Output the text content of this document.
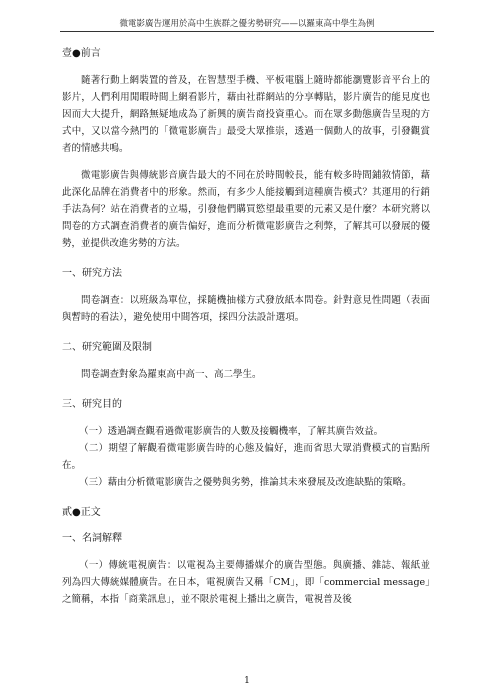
微電影廣告運用於高中生族群之優劣勢研究——以羅東高中學生為例
壹●前言

隨著行動上網裝置的普及，在智慧型手機、平板電腦上隨時都能瀏覽影音平台上的影片，人們利用閒暇時間上網看影片，藉由社群網站的分享轉貼，影片廣告的能見度也因而大大提升，網路無疑地成為了新興的廣告商投資重心。而在眾多動態廣告呈現的方式中，又以當今熱門的「微電影廣告」最受大眾推崇，透過一個動人的故事，引發觀賞者的情感共鳴。

微電影廣告與傳統影音廣告最大的不同在於時間較長，能有較多時間鋪敘情節，藉此深化品牌在消費者中的形象。然而，有多少人能接觸到這種廣告模式？其運用的行銷手法為何？站在消費者的立場，引發他們購買慾望最重要的元素又是什麼？本研究將以問卷的方式調查消費者的廣告偏好，進而分析微電影廣告之利弊，了解其可以發展的優勢，並提供改進劣勢的方法。

一、研究方法

問卷調查：以班級為單位，採隨機抽樣方式發放紙本問卷。針對意見性問題（表面與暫時的看法），避免使用中間答項，採四分法設計選項。

二、研究範圍及限制

問卷調查對象為羅東高中高一、高二學生。

三、研究目的

（一）透過調查觀看過微電影廣告的人數及接觸機率，了解其廣告效益。

（二）期望了解觀看微電影廣告時的心態及偏好，進而省思大眾消費模式的盲點所在。

（三）藉由分析微電影廣告之優勢與劣勢，推論其未來發展及改進缺點的策略。

貳●正文
一、名詞解釋

（一）傳統電視廣告：以電視為主要傳播媒介的廣告型態。與廣播、雜誌、報紙並列為四大傳統媒體廣告。在日本，電視廣告又稱「CM」，即「commercial message」之簡稱，本指「商業訊息」，並不限於電視上播出之廣告，電視普及後

1
